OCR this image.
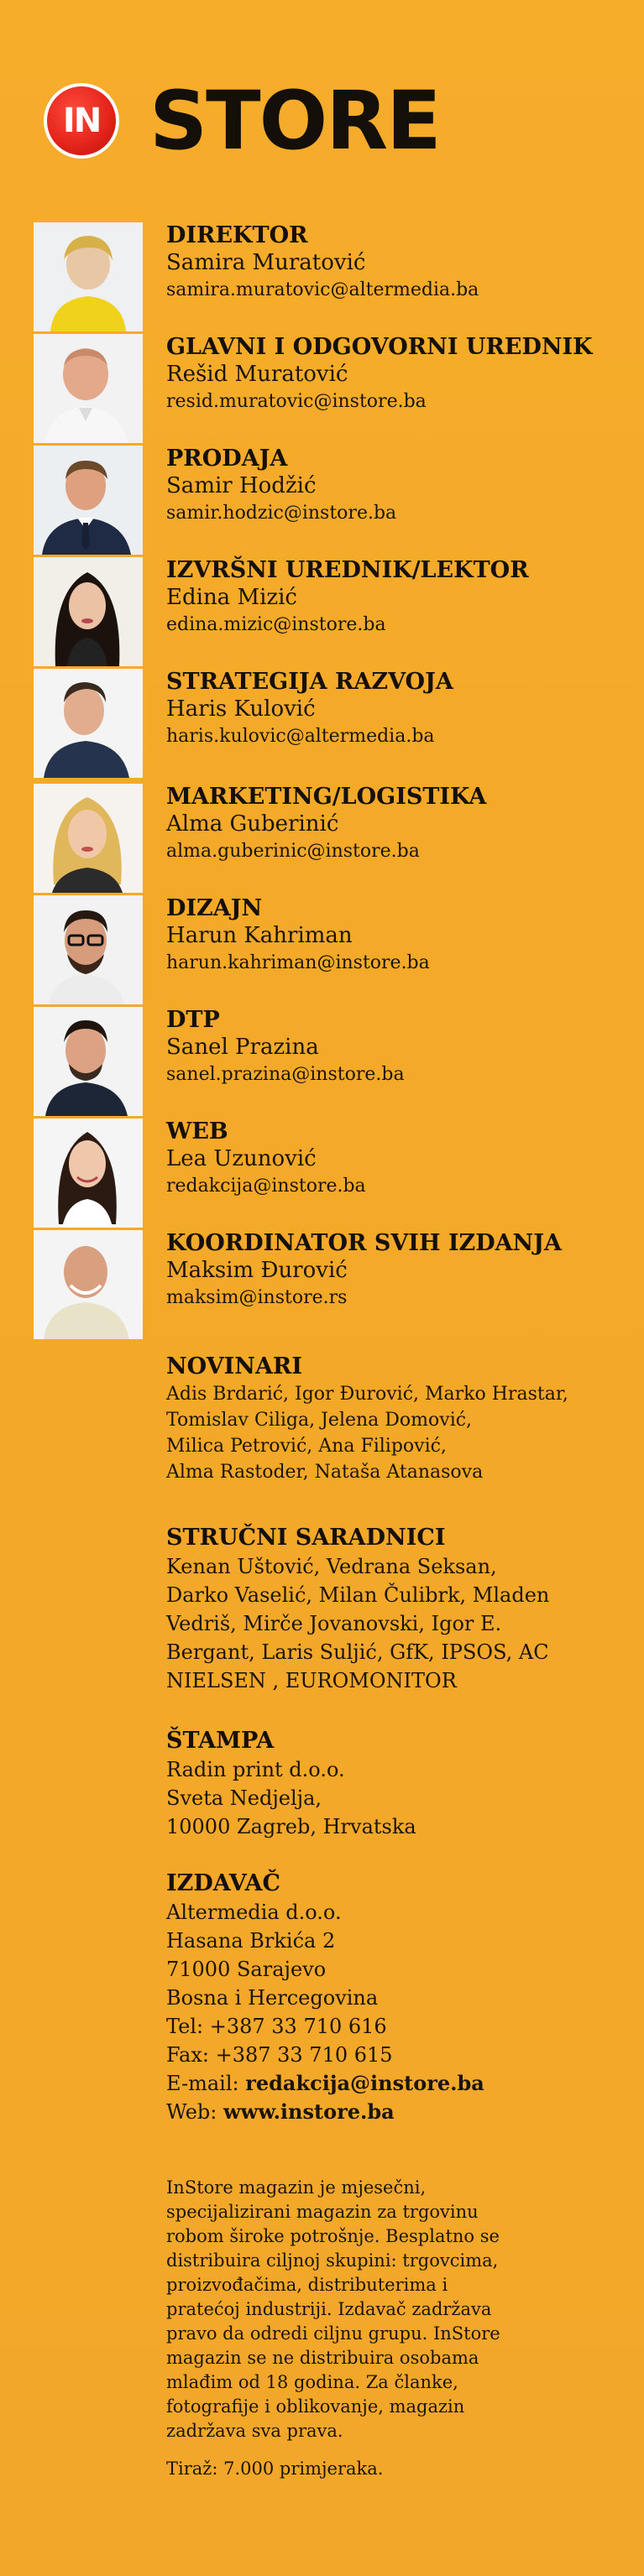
IN STORE
DIREKTOR
Samira Muratović
samira.muratovic@altermedia.ba
GLAVNI I ODGOVORNI UREDNIK
Rešid Muratović
resid.muratovic@instore.ba
PRODAJA
Samir Hodžić
samir.hodzic@instore.ba
IZVRŠNI UREDNIK/LEKTOR
Edina Mizić
edina.mizic@instore.ba
STRATEGIJA RAZVOJA
Haris Kulović
haris.kulovic@altermedia.ba
MARKETING/LOGISTIKA
Alma Guberinić
alma.guberinic@instore.ba
DIZAJN
Harun Kahriman
harun.kahriman@instore.ba
DTP
Sanel Prazina
sanel.prazina@instore.ba
WEB
Lea Uzunović
redakcija@instore.ba
KOORDINATOR SVIH IZDANJA
Maksim Đurović
maksim@instore.rs
NOVINARI
Adis Brdarić, Igor Đurović, Marko Hrastar,
Tomislav Ciliga, Jelena Domović,
Milica Petrović, Ana Filipović,
Alma Rastoder, Nataša Atanasova
STRUČNI SARADNICI
Kenan Uštović, Vedrana Seksan,
Darko Vaselić, Milan Čulibrk, Mladen
Vedriš, Mirče Jovanovski, Igor E.
Bergant, Laris Suljić, GfK, IPSOS, AC
NIELSEN , EUROMONITOR
ŠTAMPA
Radin print d.o.o.
Sveta Nedjelja,
10000 Zagreb, Hrvatska
IZDAVAČ
Altermedia d.o.o.
Hasana Brkića 2
71000 Sarajevo
Bosna i Hercegovina
Tel: +387 33 710 616
Fax: +387 33 710 615
E-mail: redakcija@instore.ba
Web: www.instore.ba
InStore magazin je mjesečni,
specijalizirani magazin za trgovinu
robom široke potrošnje. Besplatno se
distribuira ciljnoj skupini: trgovcima,
proizvođačima, distributerima i
pratećoj industriji. Izdavač zadržava
pravo da odredi ciljnu grupu. InStore
magazin se ne distribuira osobama
mlađim od 18 godina. Za članke,
fotografije i oblikovanje, magazin
zadržava sva prava.
Tiraž: 7.000 primjeraka.
